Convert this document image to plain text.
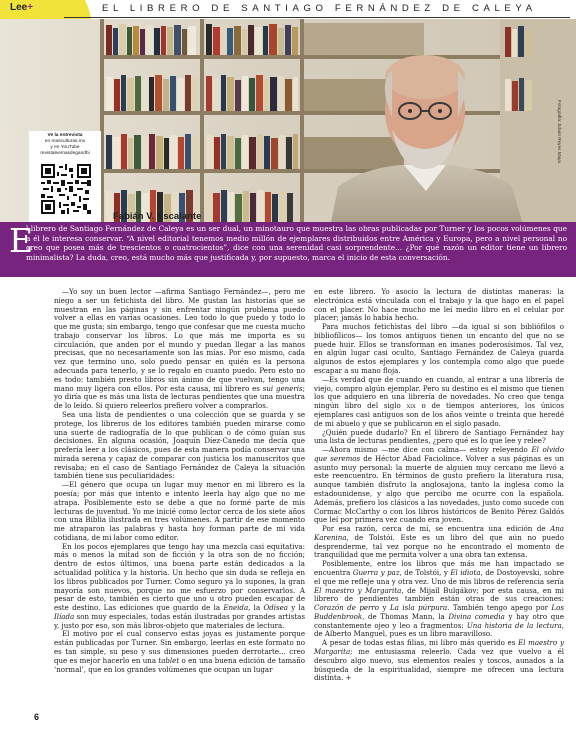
Lee+	EL LIBRERO DE SANTIAGO FERNÁNDEZ DE CALEYA
Fotografía: Edwin Reyes Maya
Ve la entrevista
en masculturas.mx
y en YouTube
revistaleemasdegandhi
Fabián V. Escalante
E
l librero de Santiago Fernández de Caleya es un ser dual, un minotauro que muestra las obras publicadas por Turner y los pocos volúmenes que a él le interesa conservar. “A nivel editorial tenemos medio millón de ejemplares distribuidos entre América y Europa, pero a nivel personal no creo que posea más de trescientos o cuatrocientos”, dice con una serenidad casi sorprendente... ¿Por qué razón un editor tiene un librero minimalista? La duda, creo, está mucho más que justificada y, por supuesto, marca el inicio de esta conversación.

—Yo soy un buen lector —afirma Santiago Fernández—, pero me niego a ser un fetichista del libro. Me gustan las historias que se muestran en las páginas y sin enfrentar ningún problema puedo volver a ellas en varias ocasiones. Leo todo lo que puedo y todo lo que me gusta; sin embargo, tengo que confesar que me cuesta mucho trabajo conservar los libros. Lo que más me importa es su circulación, que anden por el mundo y puedan llegar a las manos precisas, que no necesariamente son las mías. Por eso mismo, cada vez que termino uno, solo puedo pensar en quién es la persona adecuada para tenerlo, y se lo regalo en cuanto puedo. Pero esto no es todo: también presto libros sin ánimo de que vuelvan, tengo una mano muy ligera con ellos. Por esta causa, mi librero es sui generis; yo diría que es más una lista de lecturas pendientes que una muestra de lo leído. Si quiero releerlos prefiero volver a comprarlos.

Sea una lista de pendientes o una colección que se guarda y se protege, los libreros de los editores también pueden mirarse como una suerte de radiografía de lo que publican o de cómo guían sus decisiones. En alguna ocasión, Joaquín Díez-Canedo me decía que prefería leer a los clásicos, pues de esta manera podía conservar una mirada serena y capaz de comparar con justicia los manuscritos que revisaba; en el caso de Santiago Fernández de Caleya la situación también tiene sus peculiaridades:

—El género que ocupa un lugar muy menor en mi librero es la poesía; por más que intento e intento leerla hay algo que no me atrapa. Posiblemente esto se debe a que no formé parte de mis lecturas de juventud. Yo me inicié como lector cerca de los siete años con una Biblia ilustrada en tres volúmenes. A partir de ese momento me atraparon las palabras y hasta hoy forman parte de mi vida cotidiana, de mi labor como editor.

En los pocos ejemplares que tengo hay una mezcla casi equitativa: más o menos la mitad son de ficción y la otra son de no ficción; dentro de estos últimos, una buena parte están dedicados a la actualidad política y la historia. Un hecho que sin duda se refleja en los libros publicados por Turner. Como seguro ya lo supones, la gran mayoría son nuevos, porque no me esfuerzo por conservarlos. A pesar de esto, también es cierto que uno u otro pueden escapar de este destino. Las ediciones que guardo de la Eneida, la Odisea y la Ilíada son muy especiales, todas están ilustradas por grandes artistas y, justo por eso, son más libros-objeto que materiales de lectura.

El motivo por el cual conservo estas joyas es justamente porque están publicadas por Turner. Sin embargo, leerlas en este formato no es tan simple, su peso y sus dimensiones pueden derrotarte... creo que es mejor hacerlo en una tablet o en una buena edición de tamaño ‘normal’, que en los grandes volúmenes que ocupan un lugar

en este librero. Yo asocio la lectura de distintas maneras: la electrónica está vinculada con el trabajo y la que hago en el papel con el placer. No hace mucho me leí medio libro en el celular por placer; jamás lo había hecho.

Para muchos fetichistas del libro —da igual si son bibliófilos o bibliofílicos— los tomos antiguos tienen un encanto del que no se puede huir. Ellos se transforman en imanes poderosísimos. Tal vez, en algún lugar casi oculto, Santiago Fernández de Caleya guarda algunos de estos ejemplares y los contempla como algo que puede escapar a su mano floja.

—Es verdad que de cuando en cuando, al entrar a una librería de viejo, compro algún ejemplar. Pero su destino es el mismo que tienen los que adquiero en una librería de novedades. No creo que tenga ningún libro del siglo xix o de tiempos anteriores, los únicos ejemplares casi antiguos son de los años veinte o treinta que heredé de mi abuelo y que se publicaron en el siglo pasado.

¿Quién puede dudarlo? En el librero de Santiago Fernández hay una lista de lecturas pendientes, ¿pero qué es lo que lee y relee?

—Ahora mismo —me dice con calma— estoy releyendo El olvido que seremos de Héctor Abad Faciolince. Volver a sus páginas es un asunto muy personal: la muerte de alguien muy cercano me llevó a este reencuentro. En términos de gusto prefiero la literatura rusa, aunque también disfruto la anglosajona, tanto la inglesa como la estadounidense, y algo que percibo me ocurre con la española. Además, prefiero los clásicos a las novedades, justo como sucede con Cormac McCarthy o con los libros históricos de Benito Pérez Galdós que leí por primera vez cuando era joven.

Por esa razón, cerca de mí, se encuentra una edición de Ana Karenina, de Tolstói. Este es un libro del que aún no puedo desprenderme, tal vez porque no he encontrado el momento de tranquilidad que me permita volver a una obra tan extensa.

Posiblemente, entre los libros que más me han impactado se encuentra Guerra y paz, de Tolstói, y El idiota, de Dostoyevski, sobre el que me refleje una y otra vez. Uno de mis libros de referencia sería El maestro y Margarita, de Mijaíl Bulgákov; por esta causa, en mi librero de pendientes también están otras de sus creaciones: Corazón de perro y La isla púrpura. También tengo apego por Los Buddenbrook, de Thomas Mann, la Divina comedia y hay otro que constantemente ojeo y leo a fragmentos: Una historia de la lectura, de Alberto Manguel, pues es un libro maravilloso.

A pesar de todas estas filias, mi libro más querido es El maestro y Margarita; me entusiasma releerlo. Cada vez que vuelvo a él descubro algo nuevo, sus elementos reales y toscos, aunados a la búsqueda de la espiritualidad, siempre me ofrecen una lectura distinta. +

6
